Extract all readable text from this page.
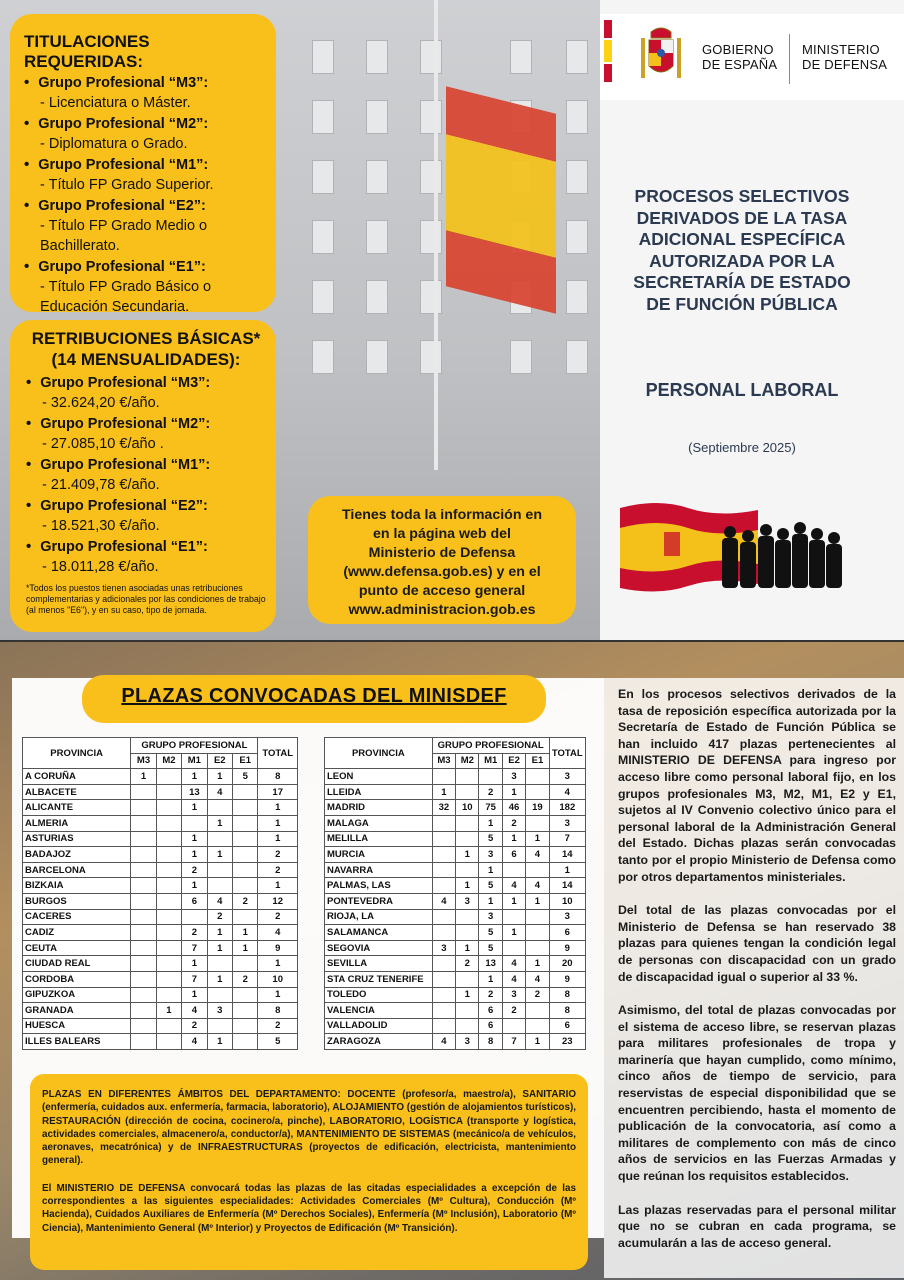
TITULACIONES REQUERIDAS:
• Grupo Profesional “M3”:
- Licenciatura o Máster.
• Grupo Profesional “M2”:
- Diplomatura o Grado.
• Grupo Profesional “M1”:
- Título FP Grado Superior.
• Grupo Profesional “E2”:
- Título FP Grado Medio o
Bachillerato.
• Grupo Profesional “E1”:
- Título FP Grado Básico o
Educación Secundaria.
RETRIBUCIONES BÁSICAS*
(14 MENSUALIDADES):
• Grupo Profesional “M3”:
- 32.624,20 €/año.
• Grupo Profesional “M2”:
- 27.085,10 €/año .
• Grupo Profesional “M1”:
- 21.409,78 €/año.
• Grupo Profesional “E2”:
- 18.521,30 €/año.
• Grupo Profesional “E1”:
- 18.011,28 €/año.
*Todos los puestos tienen asociadas unas retribuciones complementarias y adicionales por las condiciones de trabajo (al menos "E6"), y en su caso, tipo de jornada.
Tienes toda la información en
en la página web del
Ministerio de Defensa
(www.defensa.gob.es) y en el
punto de acceso general
www.administracion.gob.es
GOBIERNO
DE ESPAÑA
MINISTERIO
DE DEFENSA
PROCESOS SELECTIVOS
DERIVADOS DE LA TASA
ADICIONAL ESPECÍFICA
AUTORIZADA POR LA
SECRETARÍA DE ESTADO
DE FUNCIÓN PÚBLICA
PERSONAL LABORAL
(Septiembre 2025)
PLAZAS CONVOCADAS DEL MINISDEF
PROVINCIA	GRUPO PROFESIONAL					TOTAL
	M3	M2	M1	E2	E1	
A CORUÑA	1		1	1	5	8
ALBACETE			13	4		17
ALICANTE			1			1
ALMERIA				1		1
ASTURIAS			1			1
BADAJOZ			1	1		2
BARCELONA			2			2
BIZKAIA			1			1
BURGOS			6	4	2	12
CACERES				2		2
CADIZ			2	1	1	4
CEUTA			7	1	1	9
CIUDAD REAL			1			1
CORDOBA			7	1	2	10
GIPUZKOA			1			1
GRANADA		1	4	3		8
HUESCA			2			2
ILLES BALEARS			4	1		5
PROVINCIA	GRUPO PROFESIONAL					TOTAL
	M3	M2	M1	E2	E1	
LEON				3		3
LLEIDA	1		2	1		4
MADRID	32	10	75	46	19	182
MALAGA			1	2		3
MELILLA			5	1	1	7
MURCIA		1	3	6	4	14
NAVARRA			1			1
PALMAS, LAS		1	5	4	4	14
PONTEVEDRA	4	3	1	1	1	10
RIOJA, LA			3			3
SALAMANCA			5	1		6
SEGOVIA	3	1	5			9
SEVILLA		2	13	4	1	20
STA CRUZ TENERIFE			1	4	4	9
TOLEDO		1	2	3	2	8
VALENCIA			6	2		8
VALLADOLID			6			6
ZARAGOZA	4	3	8	7	1	23

PLAZAS EN DIFERENTES ÁMBITOS DEL DEPARTAMENTO: DOCENTE (profesor/a, maestro/a), SANITARIO (enfermería, cuidados aux. enfermería, farmacia, laboratorio), ALOJAMIENTO (gestión de alojamientos turísticos), RESTAURACIÓN (dirección de cocina, cocinero/a, pinche), LABORATORIO, LOGÍSTICA (transporte y logística, actividades comerciales, almacenero/a, conductor/a), MANTENIMIENTO DE SISTEMAS (mecánico/a de vehículos, aeronaves, mecatrónica) y de INFRAESTRUCTURAS (proyectos de edificación, electricista, mantenimiento general).

El MINISTERIO DE DEFENSA convocará todas las plazas de las citadas especialidades a excepción de las correspondientes a las siguientes especialidades: Actividades Comerciales (Mº Cultura), Conducción (Mº Hacienda), Cuidados Auxiliares de Enfermería (Mº Derechos Sociales), Enfermería (Mº Inclusión), Laboratorio (Mº Ciencia), Mantenimiento General (Mº Interior) y Proyectos de Edificación (Mº Transición).

En los procesos selectivos derivados de la tasa de reposición específica autorizada por la Secretaría de Estado de Función Pública se han incluido 417 plazas pertenecientes al MINISTERIO DE DEFENSA para ingreso por acceso libre como personal laboral fijo, en los grupos profesionales M3, M2, M1, E2 y E1, sujetos al IV Convenio colectivo único para el personal laboral de la Administración General del Estado. Dichas plazas serán convocadas tanto por el propio Ministerio de Defensa como por otros departamentos ministeriales.

Del total de las plazas convocadas por el Ministerio de Defensa se han reservado 38 plazas para quienes tengan la condición legal de personas con discapacidad con un grado de discapacidad igual o superior al 33 %.

Asimismo, del total de plazas convocadas por el sistema de acceso libre, se reservan plazas para militares profesionales de tropa y marinería que hayan cumplido, como mínimo, cinco años de tiempo de servicio, para reservistas de especial disponibilidad que se encuentren percibiendo, hasta el momento de publicación de la convocatoria, así como a militares de complemento con más de cinco años de servicios en las Fuerzas Armadas y que reúnan los requisitos establecidos.

Las plazas reservadas para el personal militar que no se cubran en cada programa, se acumularán a las de acceso general.
